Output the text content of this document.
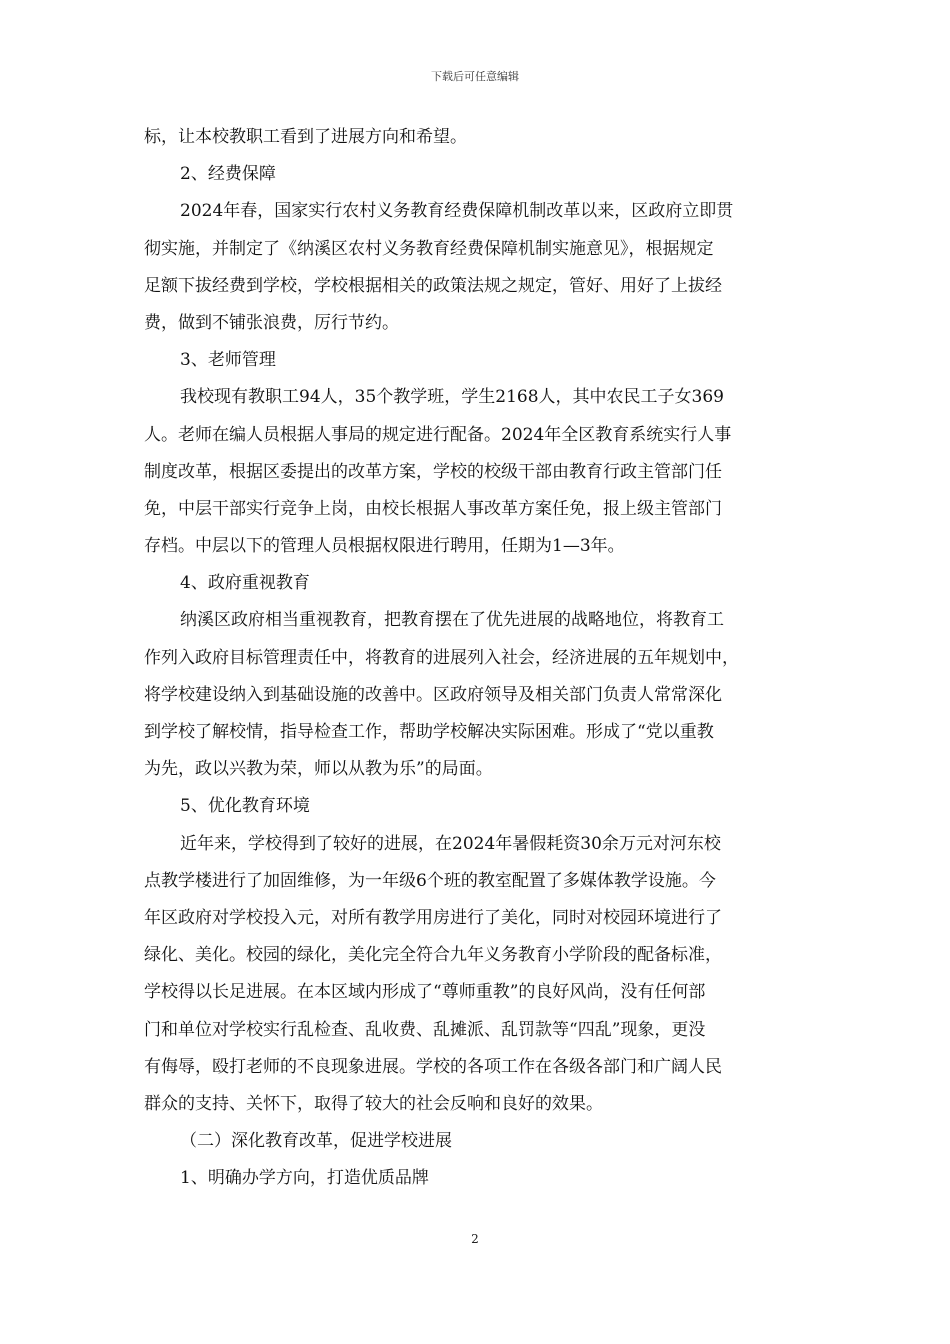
下载后可任意编辑
标，让本校教职工看到了进展方向和希望。
2、经费保障
2024年春，国家实行农村义务教育经费保障机制改革以来，区政府立即贯
彻实施，并制定了《纳溪区农村义务教育经费保障机制实施意见》，根据规定
足额下拔经费到学校，学校根据相关的政策法规之规定，管好、用好了上拔经
费，做到不铺张浪费，厉行节约。
3、老师管理
我校现有教职工94人，35个教学班，学生2168人，其中农民工子女369
人。老师在编人员根据人事局的规定进行配备。2024年全区教育系统实行人事
制度改革，根据区委提出的改革方案，学校的校级干部由教育行政主管部门任
免，中层干部实行竞争上岗，由校长根据人事改革方案任免，报上级主管部门
存档。中层以下的管理人员根据权限进行聘用，任期为1—3年。
4、政府重视教育
纳溪区政府相当重视教育，把教育摆在了优先进展的战略地位，将教育工
作列入政府目标管理责任中，将教育的进展列入社会，经济进展的五年规划中，
将学校建设纳入到基础设施的改善中。区政府领导及相关部门负责人常常深化
到学校了解校情，指导检查工作，帮助学校解决实际困难。形成了“党以重教
为先，政以兴教为荣，师以从教为乐”的局面。
5、优化教育环境
近年来，学校得到了较好的进展，在2024年暑假耗资30余万元对河东校
点教学楼进行了加固维修，为一年级6个班的教室配置了多媒体教学设施。今
年区政府对学校投入元，对所有教学用房进行了美化，同时对校园环境进行了
绿化、美化。校园的绿化，美化完全符合九年义务教育小学阶段的配备标准，
学校得以长足进展。在本区域内形成了“尊师重教”的良好风尚，没有任何部
门和单位对学校实行乱检查、乱收费、乱摊派、乱罚款等“四乱”现象，更没
有侮辱，殴打老师的不良现象进展。学校的各项工作在各级各部门和广阔人民
群众的支持、关怀下，取得了较大的社会反响和良好的效果。
（二）深化教育改革，促进学校进展
1、明确办学方向，打造优质品牌
2
